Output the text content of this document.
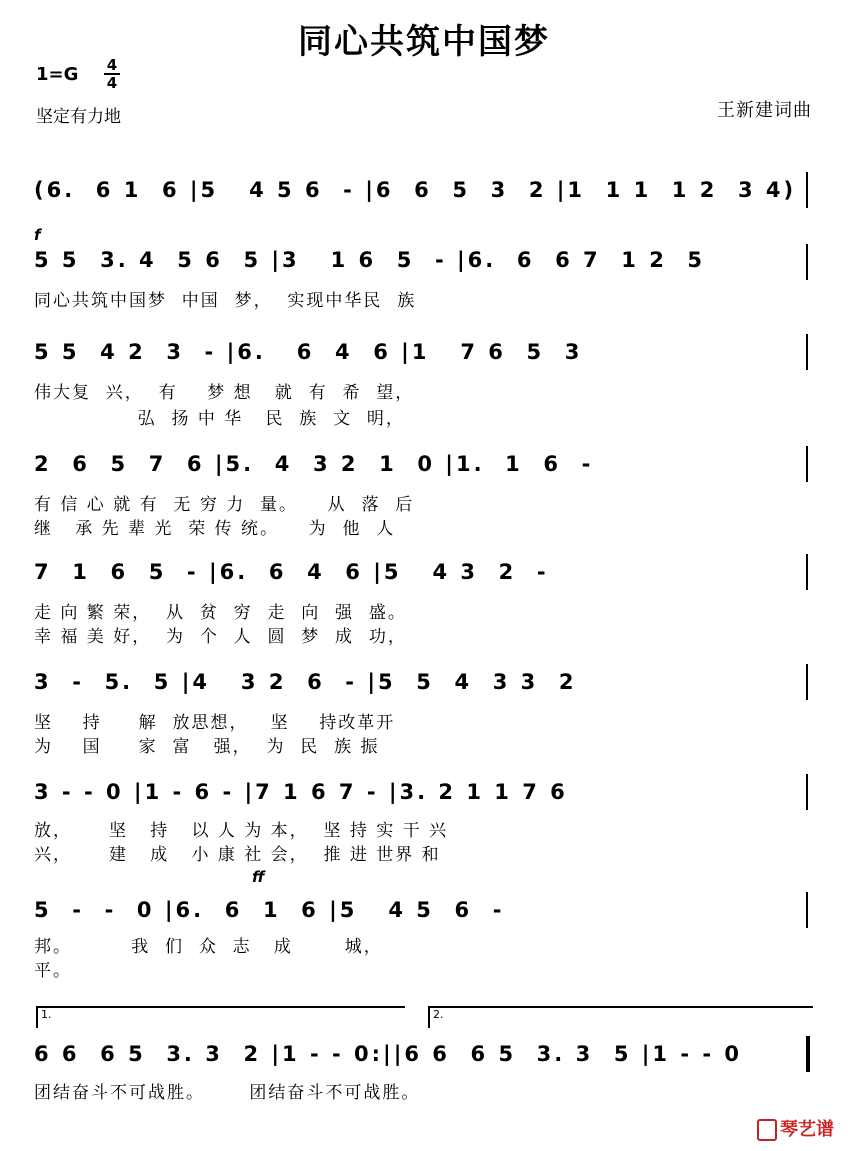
同心共筑中国梦
1=G 4
4
坚定有力地	王新建词曲
f
ff
(6.  6 1  6 |5   4 5 6  - |6  6  5  3  2 |1  1 1  1 2  3 4)
5 5  3. 4  5 6  5 |3   1 6  5  - |6.  6  6 7  1 2  5
同心共筑中国梦  中国  梦，  实现中华民  族
5 5  4 2  3  - |6.   6  4  6 |1   7 6  5  3
伟大复  兴，  有    梦 想   就  有  希  望，
弘  扬 中 华   民  族  文  明，
2  6  5  7  6 |5.  4  3 2  1  0 |1.  1  6  -
有 信 心 就 有  无 穷 力  量。    从  落  后
继   承 先 辈 光  荣 传 统。    为  他  人
7  1  6  5  - |6.  6  4  6 |5   4 3  2  -
走 向 繁 荣，  从  贫  穷  走  向  强  盛。
幸 福 美 好，  为  个  人  圆  梦  成  功，
3  -  5.  5 |4   3 2  6  - |5  5  4  3 3  2
坚    持     解  放思想，   坚    持改革开
为    国     家  富   强，  为  民  族 振
3 - - 0 |1 - 6 - |7 1 6 7 - |3. 2 1 1 7 6
放，     坚   持   以 人 为 本，  坚 持 实 干 兴
兴，     建   成   小 康 社 会，  推 进 世界 和
5  -  -  0 |6.  6  1  6 |5   4 5  6  -
邦。        我  们  众  志   成       城，
平。
1.	2.
6 6  6 5  3. 3  2 |1 - - 0:||6 6  6 5  3. 3  5 |1 - - 0
团结奋斗不可战胜。      团结奋斗不可战胜。
琴艺谱
